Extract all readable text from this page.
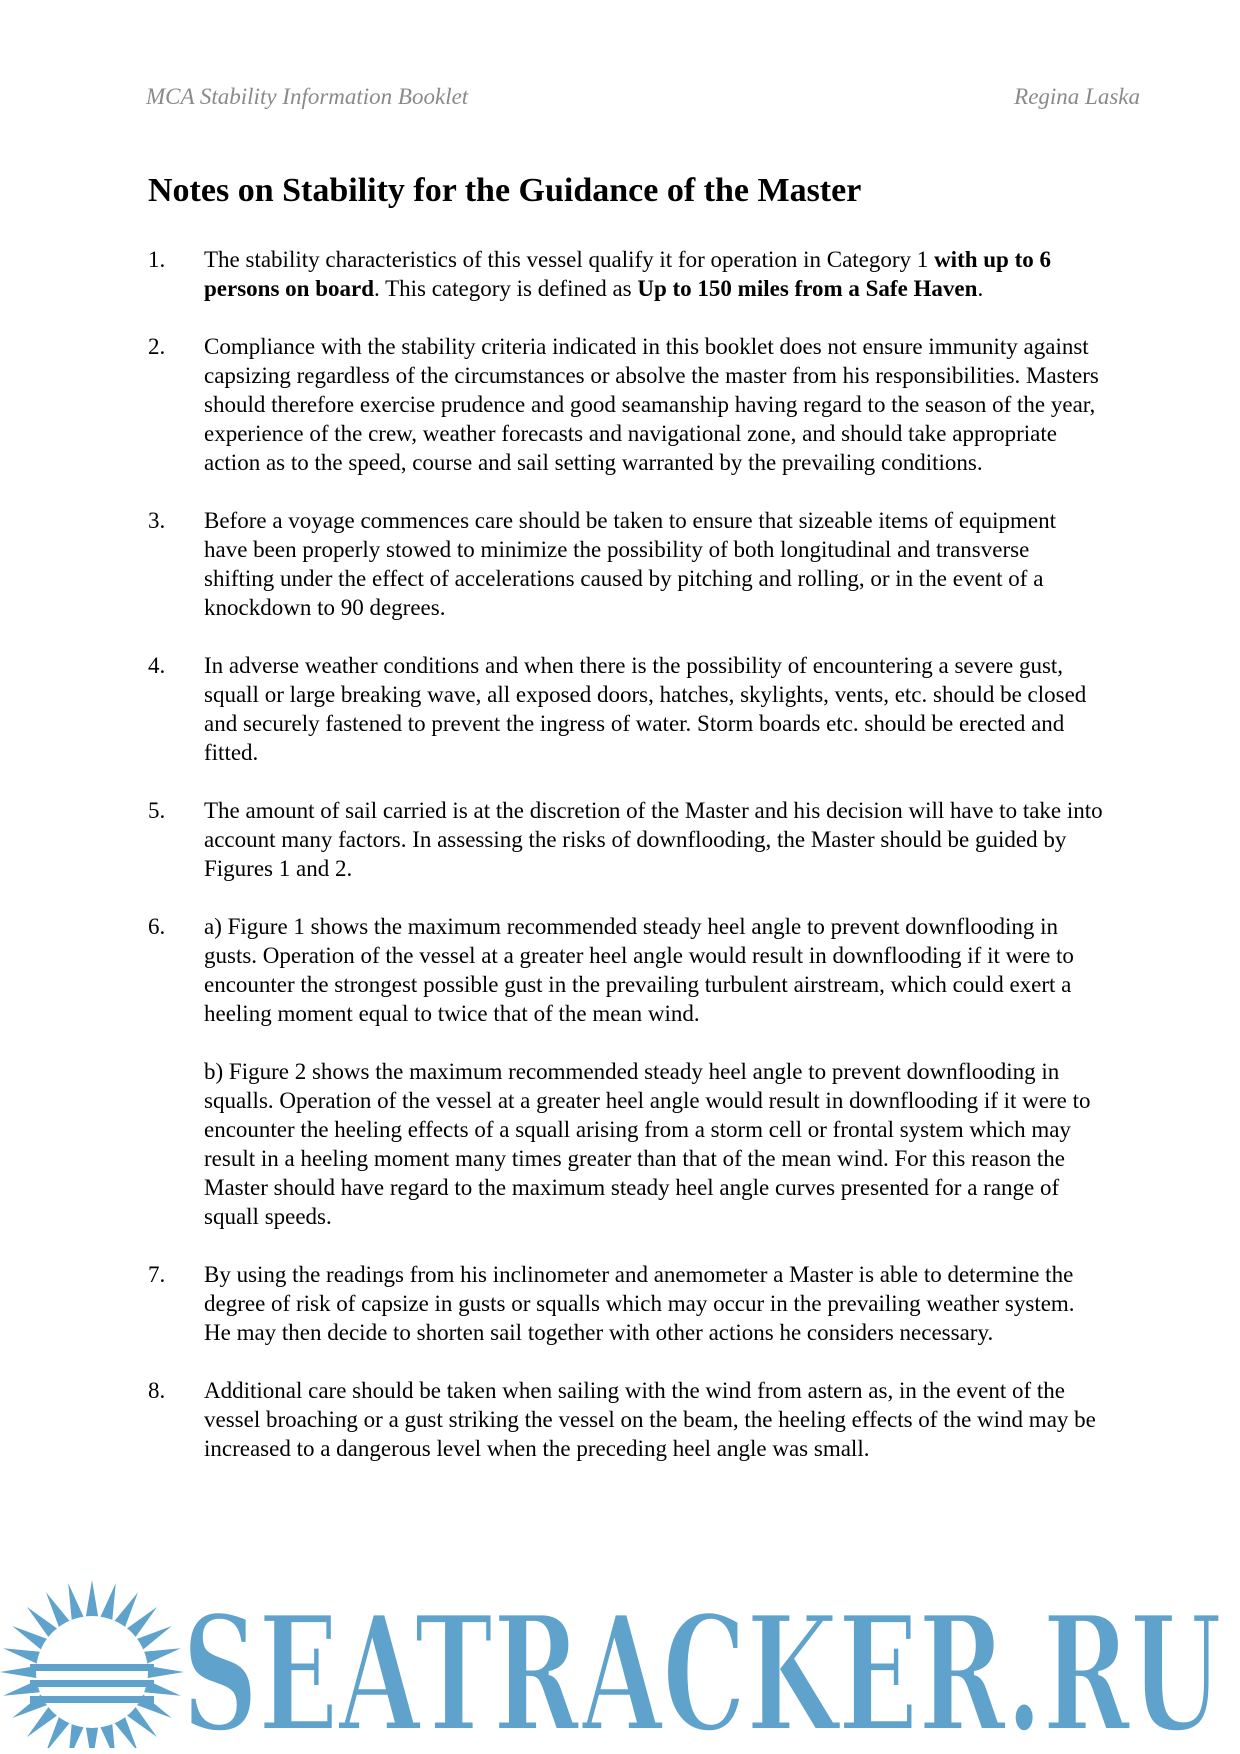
MCA Stability Information Booklet	Regina Laska
Notes on Stability for the Guidance of the Master
1.	The stability characteristics of this vessel qualify it for operation in Category 1 with up to 6 persons on board. This category is defined as Up to 150 miles from a Safe Haven.

2.	Compliance with the stability criteria indicated in this booklet does not ensure immunity against capsizing regardless of the circumstances or absolve the master from his responsibilities. Masters should therefore exercise prudence and good seamanship having regard to the season of the year, experience of the crew, weather forecasts and navigational zone, and should take appropriate action as to the speed, course and sail setting warranted by the prevailing conditions.

3.	Before a voyage commences care should be taken to ensure that sizeable items of equipment have been properly stowed to minimize the possibility of both longitudinal and transverse shifting under the effect of accelerations caused by pitching and rolling, or in the event of a knockdown to 90 degrees.

4.	In adverse weather conditions and when there is the possibility of encountering a severe gust, squall or large breaking wave, all exposed doors, hatches, skylights, vents, etc. should be closed and securely fastened to prevent the ingress of water. Storm boards etc. should be erected and fitted.

5.	The amount of sail carried is at the discretion of the Master and his decision will have to take into account many factors. In assessing the risks of downflooding, the Master should be guided by Figures 1 and 2.

6.	a) Figure 1 shows the maximum recommended steady heel angle to prevent downflooding in gusts. Operation of the vessel at a greater heel angle would result in downflooding if it were to encounter the strongest possible gust in the prevailing turbulent airstream, which could exert a heeling moment equal to twice that of the mean wind.

b) Figure 2 shows the maximum recommended steady heel angle to prevent downflooding in squalls. Operation of the vessel at a greater heel angle would result in downflooding if it were to encounter the heeling effects of a squall arising from a storm cell or frontal system which may result in a heeling moment many times greater than that of the mean wind. For this reason the Master should have regard to the maximum steady heel angle curves presented for a range of squall speeds.

7.	By using the readings from his inclinometer and anemometer a Master is able to determine the degree of risk of capsize in gusts or squalls which may occur in the prevailing weather system. He may then decide to shorten sail together with other actions he considers necessary.

8.	Additional care should be taken when sailing with the wind from astern as, in the event of the vessel broaching or a gust striking the vessel on the beam, the heeling effects of the wind may be increased to a dangerous level when the preceding heel angle was small.

8
SEATRACKER.RU
